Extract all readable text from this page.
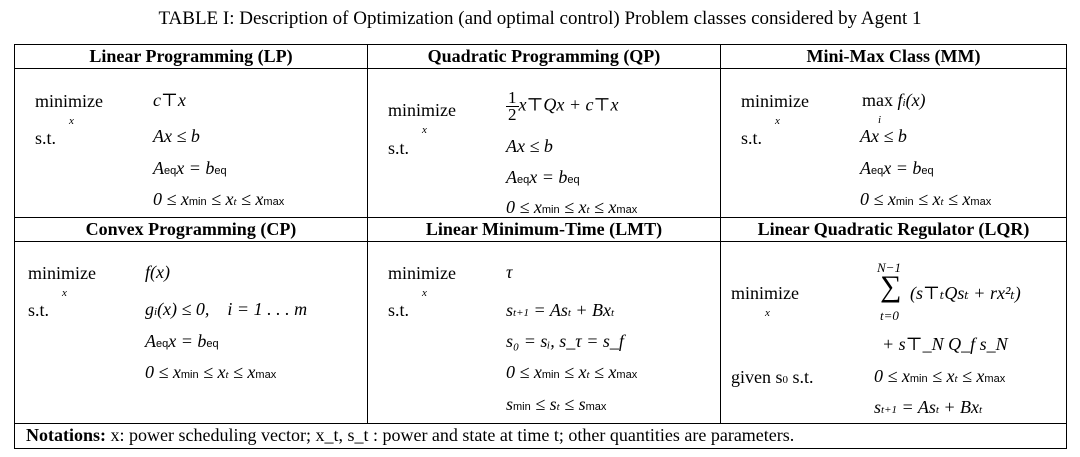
TABLE I: Description of Optimization (and optimal control) Problem classes considered by Agent 1
Linear Programming (LP)	Quadratic Programming (QP)	Mini-Max Class (MM)
Convex Programming (CP)	Linear Minimum-Time (LMT)	Linear Quadratic Regulator (LQR)
minimize
x
c⊤x
s.t.	Ax ≤ b
Aeqx = beq
0 ≤ xmin ≤ xt ≤ xmax
minimize
x
$\frac{1}{2}$ x⊤Qx + c⊤x
s.t.	Ax ≤ b
Aeqx = beq
0 ≤ xmin ≤ xt ≤ xmax
minimize
x
max fi(x)
i
s.t.	Ax ≤ b
Aeqx = beq
0 ≤ xmin ≤ xt ≤ xmax
minimize
x
f(x)
s.t.	gi(x) ≤ 0,    i = 1 . . . m
Aeqx = beq
0 ≤ xmin ≤ xt ≤ xmax
minimize
x
τ
s.t.	st+1 = Ast + Bxt
s₀ = sᵢ, s_τ = s_f
0 ≤ xmin ≤ xt ≤ xmax
smin ≤ st ≤ smax
minimize
x
N−1
∑
t=0
(s⊤ₜQsₜ + rx²ₜ)
+ s⊤_N Q_f s_N
given s0 s.t.	0 ≤ xmin ≤ xt ≤ xmax
st+1 = Ast + Bxt
Notations: x: power scheduling vector; x_t, s_t : power and state at time t; other quantities are parameters.
